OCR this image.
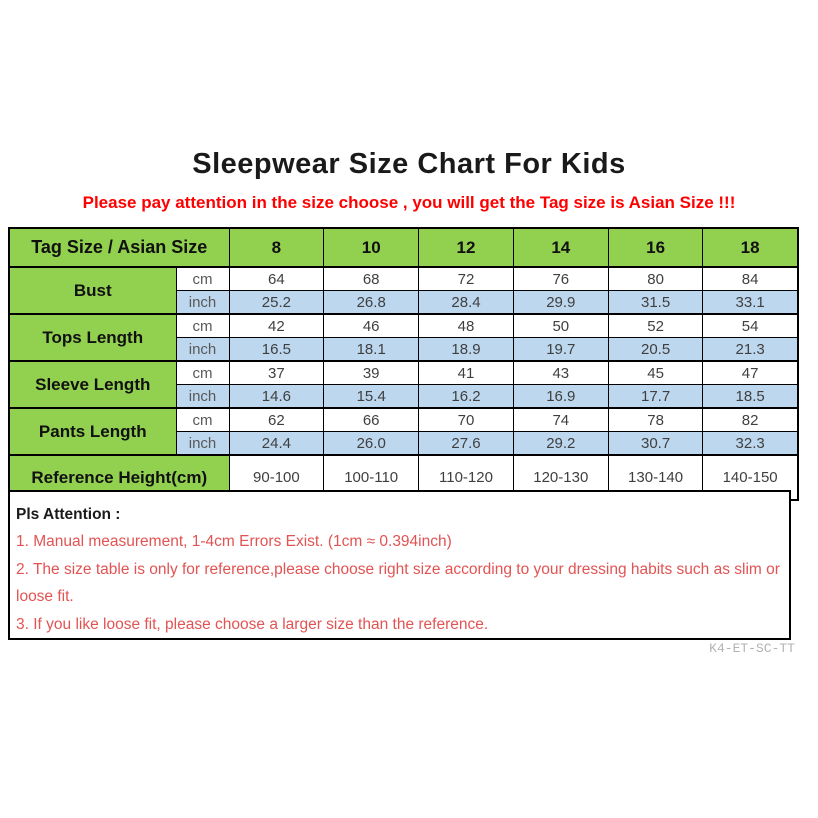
Sleepwear Size Chart For Kids
Please pay attention in the size choose , you will get the Tag size is Asian Size !!!
Tag Size / Asian Size		8	10	12	14	16	18
Bust	cm	64	68	72	76	80	84
	inch	25.2	26.8	28.4	29.9	31.5	33.1
Tops Length	cm	42	46	48	50	52	54
	inch	16.5	18.1	18.9	19.7	20.5	21.3
Sleeve Length	cm	37	39	41	43	45	47
	inch	14.6	15.4	16.2	16.9	17.7	18.5
Pants Length	cm	62	66	70	74	78	82
	inch	24.4	26.0	27.6	29.2	30.7	32.3
Reference Height(cm)		90-100	100-110	110-120	120-130	130-140	140-150

Pls Attention :

1. Manual measurement, 1-4cm Errors Exist. (1cm ≈ 0.394inch)

2. The size table is only for reference,please choose right size according to your dressing habits such as slim or loose fit.

3. If you like loose fit, please choose a larger size than the reference.

K4-ET-SC-TT
